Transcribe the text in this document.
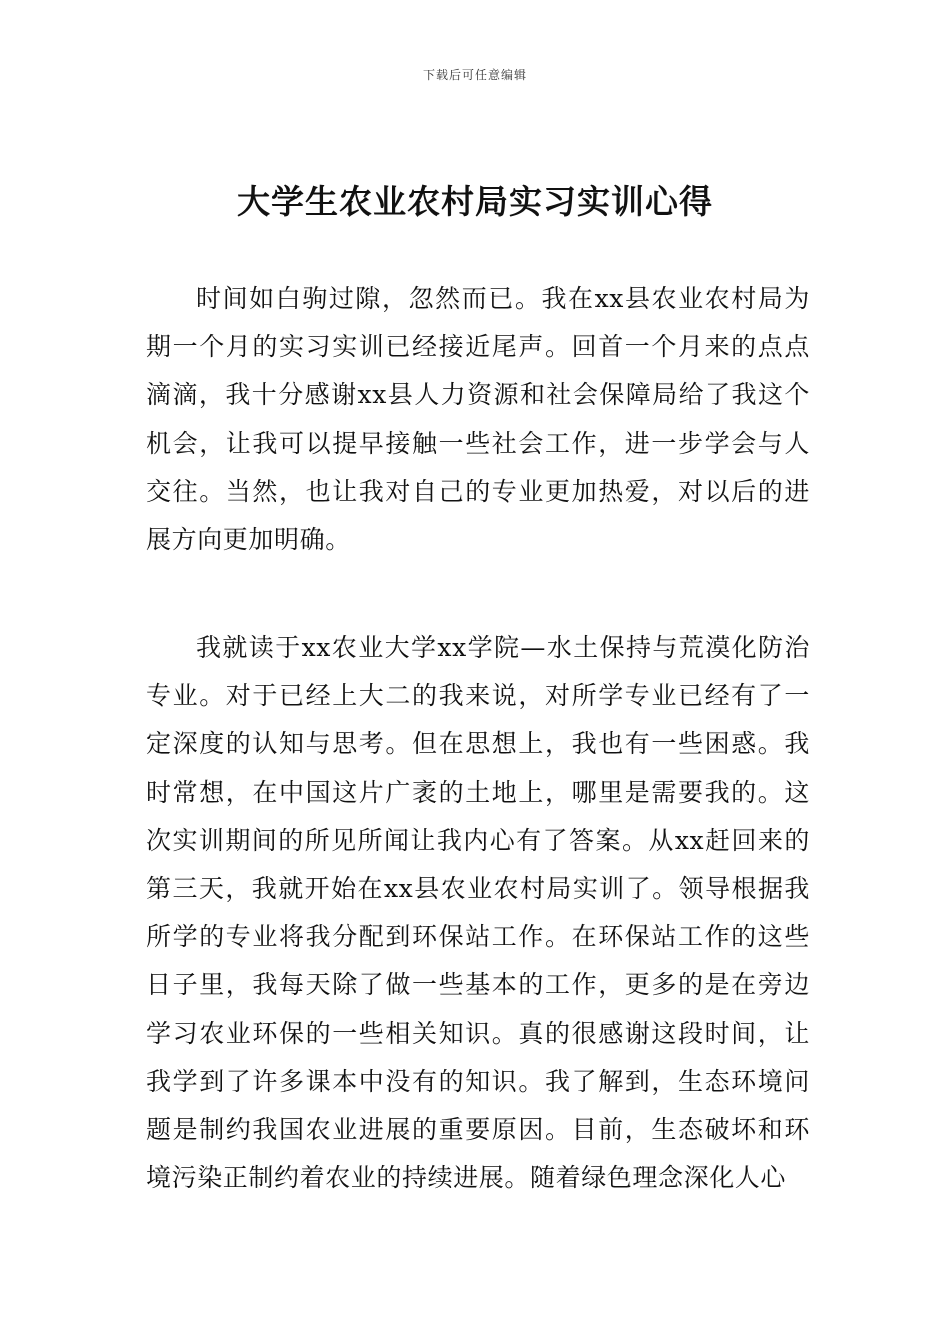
下载后可任意编辑
大学生农业农村局实习实训心得

时间如白驹过隙，忽然而已。我在xx县农业农村局为期一个月的实习实训已经接近尾声。回首一个月来的点点滴滴，我十分感谢xx县人力资源和社会保障局给了我这个机会，让我可以提早接触一些社会工作，进一步学会与人交往。当然，也让我对自己的专业更加热爱，对以后的进展方向更加明确。

我就读于xx农业大学xx学院—水土保持与荒漠化防治专业。对于已经上大二的我来说，对所学专业已经有了一定深度的认知与思考。但在思想上，我也有一些困惑。我时常想，在中国这片广袤的土地上，哪里是需要我的。这次实训期间的所见所闻让我内心有了答案。从xx赶回来的第三天，我就开始在xx县农业农村局实训了。领导根据我所学的专业将我分配到环保站工作。在环保站工作的这些日子里，我每天除了做一些基本的工作，更多的是在旁边学习农业环保的一些相关知识。真的很感谢这段时间，让我学到了许多课本中没有的知识。我了解到，生态环境问题是制约我国农业进展的重要原因。目前，生态破坏和环境污染正制约着农业的持续进展。随着绿色理念深化人心
